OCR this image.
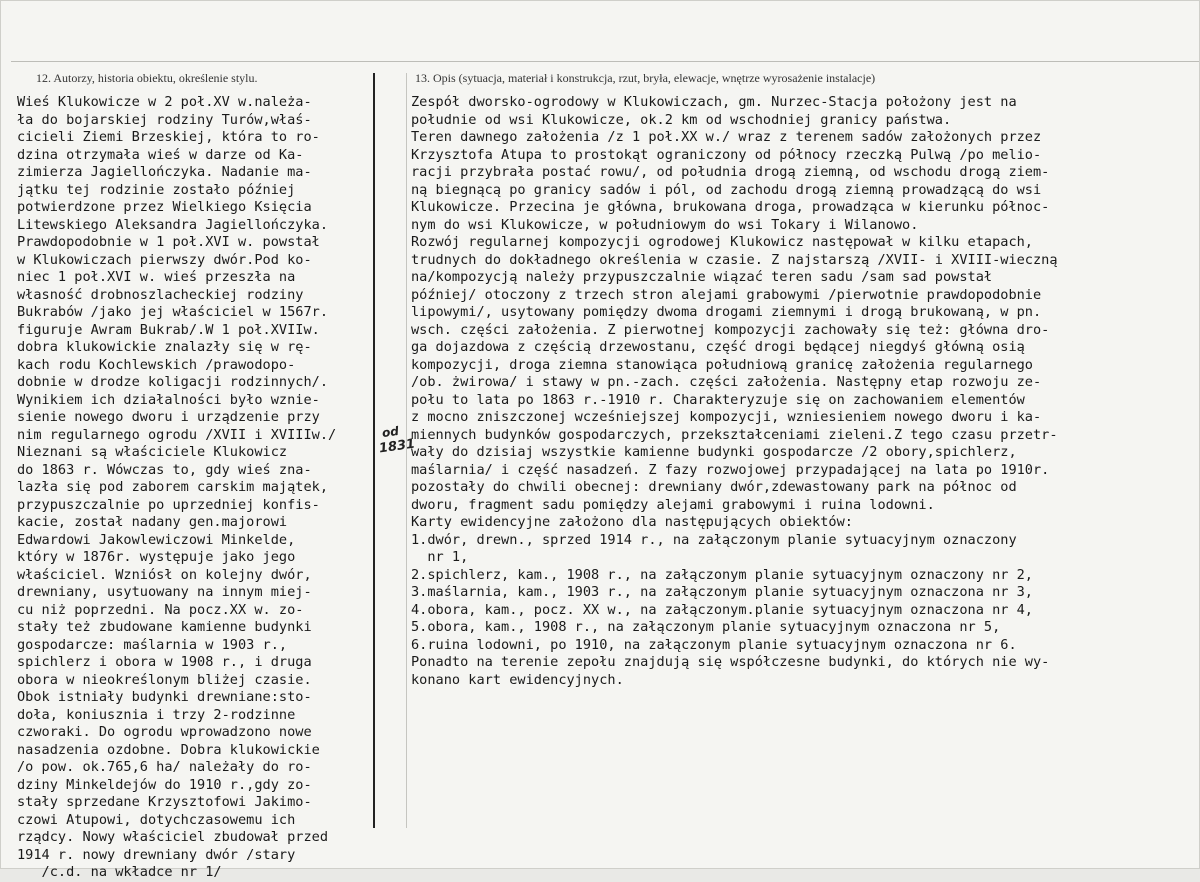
12. Autorzy, historia obiektu, określenie stylu.	13. Opis (sytuacja, materiał i konstrukcja, rzut, bryła, elewacje, wnętrze wyrosażenie instalacje)
Wieś Klukowicze w 2 poł.XV w.należa-
ła do bojarskiej rodziny Turów,właś-
cicieli Ziemi Brzeskiej, która to ro-
dzina otrzymała wieś w darze od Ka-
zimierza Jagiellończyka. Nadanie ma-
jątku tej rodzinie zostało później
potwierdzone przez Wielkiego Księcia
Litewskiego Aleksandra Jagiellończyka.
Prawdopodobnie w 1 poł.XVI w. powstał
w Klukowiczach pierwszy dwór.Pod ko-
niec 1 poł.XVI w. wieś przeszła na
własność drobnoszlacheckiej rodziny
Bukrabów /jako jej właściciel w 1567r.
figuruje Awram Bukrab/.W 1 poł.XVIIw.
dobra klukowickie znalazły się w rę-
kach rodu Kochlewskich /prawodopo-
dobnie w drodze koligacji rodzinnych/.
Wynikiem ich działalności było wznie-
sienie nowego dworu i urządzenie przy
nim regularnego ogrodu /XVII i XVIIIw./
Nieznani są właściciele Klukowicz
do 1863 r. Wówczas to, gdy wieś zna-
lazła się pod zaborem carskim majątek,
przypuszczalnie po uprzedniej konfis-
kacie, został nadany gen.majorowi
Edwardowi Jakowlewiczowi Minkelde,
który w 1876r. występuje jako jego
właściciel. Wzniósł on kolejny dwór,
drewniany, usytuowany na innym miej-
cu niż poprzedni. Na pocz.XX w. zo-
stały też zbudowane kamienne budynki
gospodarcze: maślarnia w 1903 r.,
spichlerz i obora w 1908 r., i druga
obora w nieokreślonym bliżej czasie.
Obok istniały budynki drewniane:sto-
doła, koniusznia i trzy 2-rodzinne
czworaki. Do ogrodu wprowadzono nowe
nasadzenia ozdobne. Dobra klukowickie
/o pow. ok.765,6 ha/ należały do ro-
dziny Minkeldejów do 1910 r.,gdy zo-
stały sprzedane Krzysztofowi Jakimo-
czowi Atupowi, dotychczasowemu ich
rządcy. Nowy właściciel zbudował przed
1914 r. nowy drewniany dwór /stary
/c.d. na wkładce nr 1/
Zespół dworsko-ogrodowy w Klukowiczach, gm. Nurzec-Stacja położony jest na
południe od wsi Klukowicze, ok.2 km od wschodniej granicy państwa.
Teren dawnego założenia /z 1 poł.XX w./ wraz z terenem sadów założonych przez
Krzysztofa Atupa to prostokąt ograniczony od północy rzeczką Pulwą /po melio-
racji przybrała postać rowu/, od południa drogą ziemną, od wschodu drogą ziem-
ną biegnącą po granicy sadów i pól, od zachodu drogą ziemną prowadzącą do wsi
Klukowicze. Przecina je główna, brukowana droga, prowadząca w kierunku północ-
nym do wsi Klukowicze, w południowym do wsi Tokary i Wilanowo.
Rozwój regularnej kompozycji ogrodowej Klukowicz następował w kilku etapach,
trudnych do dokładnego określenia w czasie. Z najstarszą /XVII- i XVIII-wieczną
na/kompozycją należy przypuszczalnie wiązać teren sadu /sam sad powstał
później/ otoczony z trzech stron alejami grabowymi /pierwotnie prawdopodobnie
lipowymi/, usytowany pomiędzy dwoma drogami ziemnymi i drogą brukowaną, w pn.
wsch. części założenia. Z pierwotnej kompozycji zachowały się też: główna dro-
ga dojazdowa z częścią drzewostanu, część drogi będącej niegdyś główną osią
kompozycji, droga ziemna stanowiąca południową granicę założenia regularnego
/ob. żwirowa/ i stawy w pn.-zach. części założenia. Następny etap rozwoju ze-
połu to lata po 1863 r.-1910 r. Charakteryzuje się on zachowaniem elementów
z mocno zniszczonej wcześniejszej kompozycji, wzniesieniem nowego dworu i ka-
miennych budynków gospodarczych, przekształceniami zieleni.Z tego czasu przetr-
wały do dzisiaj wszystkie kamienne budynki gospodarcze /2 obory,spichlerz,
maślarnia/ i część nasadzeń. Z fazy rozwojowej przypadającej na lata po 1910r.
pozostały do chwili obecnej: drewniany dwór,zdewastowany park na północ od
dworu, fragment sadu pomiędzy alejami grabowymi i ruina lodowni.
Karty ewidencyjne założono dla następujących obiektów:
1.dwór, drewn., sprzed 1914 r., na załączonym planie sytuacyjnym oznaczony
nr 1,
2.spichlerz, kam., 1908 r., na załączonym planie sytuacyjnym oznaczony nr 2,
3.maślarnia, kam., 1903 r., na załączonym planie sytuacyjnym oznaczona nr 3,
4.obora, kam., pocz. XX w., na załączonym.planie sytuacyjnym oznaczona nr 4,
5.obora, kam., 1908 r., na załączonym planie sytuacyjnym oznaczona nr 5,
6.ruina lodowni, po 1910, na załączonym planie sytuacyjnym oznaczona nr 6.
Ponadto na terenie zepołu znajdują się współczesne budynki, do których nie wy-
konano kart ewidencyjnych.
od
1831
